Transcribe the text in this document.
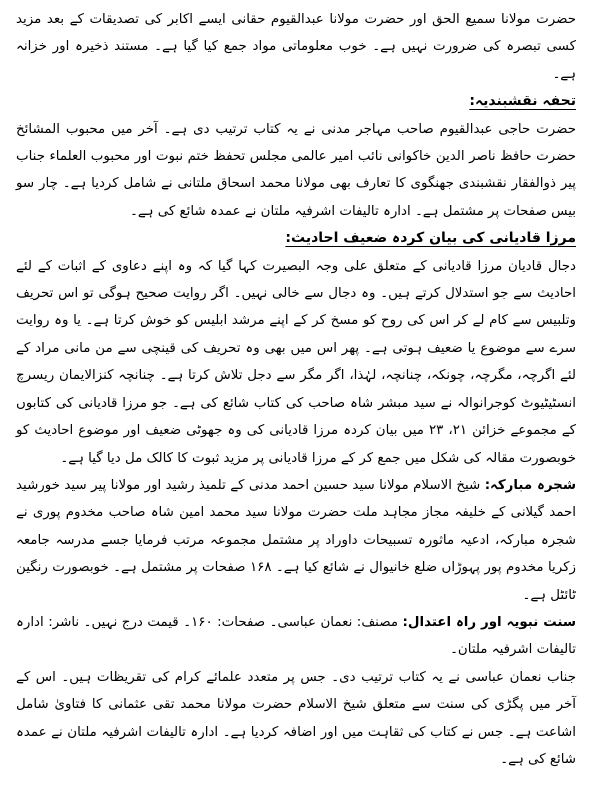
حضرت مولانا سمیع الحق اور حضرت مولانا عبدالقیوم حقانی ایسے اکابر کی تصدیقات کے بعد مزید کسی تبصرہ کی ضرورت نہیں ہے۔ خوب معلوماتی مواد جمع کیا گیا ہے۔ مستند ذخیرہ اور خزانہ ہے۔

تحفہ نقشبندیہ:

حضرت حاجی عبدالقیوم صاحب مہاجر مدنی نے یہ کتاب ترتیب دی ہے۔ آخر میں محبوب المشائخ حضرت حافظ ناصر الدین خاکوانی نائب امیر عالمی مجلس تحفظ ختم نبوت اور محبوب العلماء جناب پیر ذوالفقار نقشبندی جھنگوی کا تعارف بھی مولانا محمد اسحاق ملتانی نے شامل کردیا ہے۔ چار سو بیس صفحات پر مشتمل ہے۔ ادارہ تالیفات اشرفیہ ملتان نے عمدہ شائع کی ہے۔

مرزا قادیانی کی بیان کردہ ضعیف احادیث:

دجال قادیان مرزا قادیانی کے متعلق علی وجہ البصیرت کہا گیا کہ وہ اپنے دعاوی کے اثبات کے لئے احادیث سے جو استدلال کرتے ہیں۔ وہ دجال سے خالی نہیں۔ اگر روایت صحیح ہوگی تو اس تحریف وتلبیس سے کام لے کر اس کی روح کو مسخ کر کے اپنے مرشد ابلیس کو خوش کرتا ہے۔ یا وہ روایت سرے سے موضوع یا ضعیف ہوتی ہے۔ پھر اس میں بھی وہ تحریف کی قینچی سے من مانی مراد کے لئے اگرچہ، مگرچہ، چونکہ، چنانچہ، لہٰذا، اگر مگر سے دجل تلاش کرتا ہے۔ چنانچہ کنزالایمان ریسرچ انسٹیٹیوٹ کوجرانوالہ نے سید مبشر شاہ صاحب کی کتاب شائع کی ہے۔ جو مرزا قادیانی کی کتابوں کے مجموعے خزائن ۲۱، ۲۳ میں بیان کردہ مرزا قادیانی کی وہ جھوٹی ضعیف اور موضوع احادیث کو خوبصورت مقالہ کی شکل میں جمع کر کے مرزا قادیانی پر مزید ثبوت کا کالک مل دیا گیا ہے۔

شجرہ مبارکہ: شیخ الاسلام مولانا سید حسین احمد مدنی کے تلمیذ رشید اور مولانا پیر سید خورشید احمد گیلانی کے خلیفہ مجاز مجاہد ملت حضرت مولانا سید محمد امین شاہ صاحب مخدوم پوری نے شجرہ مبارکہ، ادعیہ ماثورہ تسبیحات داوراد پر مشتمل مجموعہ مرتب فرمایا جسے مدرسہ جامعہ زکریا مخدوم پور پہوڑاں ضلع خانیوال نے شائع کیا ہے۔ ۱۶۸ صفحات پر مشتمل ہے۔ خوبصورت رنگین ٹائٹل ہے۔

سنت نبویہ اور راہ اعتدال: مصنف: نعمان عباسی۔ صفحات: ۱۶۰۔ قیمت درج نہیں۔ ناشر: ادارہ تالیفات اشرفیہ ملتان۔

جناب نعمان عباسی نے یہ کتاب ترتیب دی۔ جس پر متعدد علمائے کرام کی تقریظات ہیں۔ اس کے آخر میں پگڑی کی سنت سے متعلق شیخ الاسلام حضرت مولانا محمد تقی عثمانی کا فتاویٰ شامل اشاعت ہے۔ جس نے کتاب کی ثقاہت میں اور اضافہ کردیا ہے۔ ادارہ تالیفات اشرفیہ ملتان نے عمدہ شائع کی ہے۔
